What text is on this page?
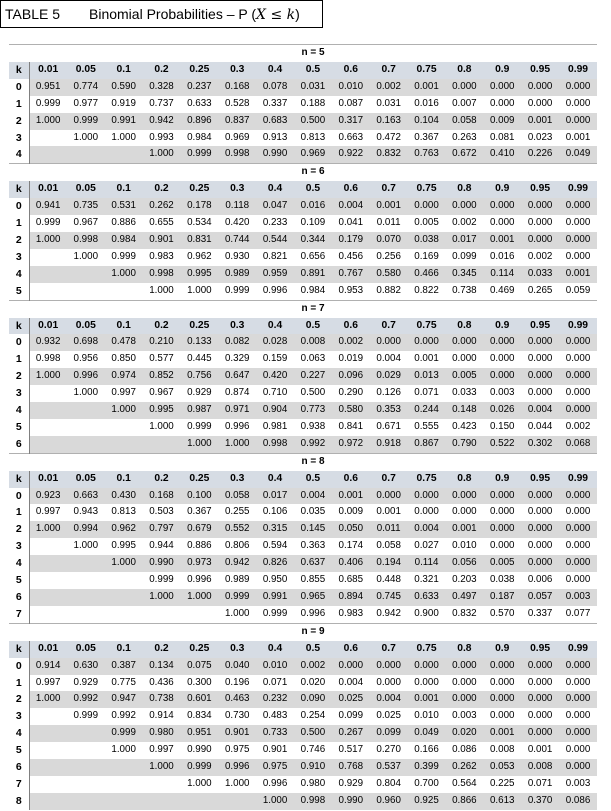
TABLE 5	Binomial Probabilities – P (X ≤ k)
	n = 5														
k	0.01	0.05	0.1	0.2	0.25	0.3	0.4	0.5	0.6	0.7	0.75	0.8	0.9	0.95	0.99
0	0.951	0.774	0.590	0.328	0.237	0.168	0.078	0.031	0.010	0.002	0.001	0.000	0.000	0.000	0.000
1	0.999	0.977	0.919	0.737	0.633	0.528	0.337	0.188	0.087	0.031	0.016	0.007	0.000	0.000	0.000
2	1.000	0.999	0.991	0.942	0.896	0.837	0.683	0.500	0.317	0.163	0.104	0.058	0.009	0.001	0.000
3		1.000	1.000	0.993	0.984	0.969	0.913	0.813	0.663	0.472	0.367	0.263	0.081	0.023	0.001
4				1.000	0.999	0.998	0.990	0.969	0.922	0.832	0.763	0.672	0.410	0.226	0.049
	n = 6														
k	0.01	0.05	0.1	0.2	0.25	0.3	0.4	0.5	0.6	0.7	0.75	0.8	0.9	0.95	0.99
0	0.941	0.735	0.531	0.262	0.178	0.118	0.047	0.016	0.004	0.001	0.000	0.000	0.000	0.000	0.000
1	0.999	0.967	0.886	0.655	0.534	0.420	0.233	0.109	0.041	0.011	0.005	0.002	0.000	0.000	0.000
2	1.000	0.998	0.984	0.901	0.831	0.744	0.544	0.344	0.179	0.070	0.038	0.017	0.001	0.000	0.000
3		1.000	0.999	0.983	0.962	0.930	0.821	0.656	0.456	0.256	0.169	0.099	0.016	0.002	0.000
4			1.000	0.998	0.995	0.989	0.959	0.891	0.767	0.580	0.466	0.345	0.114	0.033	0.001
5				1.000	1.000	0.999	0.996	0.984	0.953	0.882	0.822	0.738	0.469	0.265	0.059
	n = 7														
k	0.01	0.05	0.1	0.2	0.25	0.3	0.4	0.5	0.6	0.7	0.75	0.8	0.9	0.95	0.99
0	0.932	0.698	0.478	0.210	0.133	0.082	0.028	0.008	0.002	0.000	0.000	0.000	0.000	0.000	0.000
1	0.998	0.956	0.850	0.577	0.445	0.329	0.159	0.063	0.019	0.004	0.001	0.000	0.000	0.000	0.000
2	1.000	0.996	0.974	0.852	0.756	0.647	0.420	0.227	0.096	0.029	0.013	0.005	0.000	0.000	0.000
3		1.000	0.997	0.967	0.929	0.874	0.710	0.500	0.290	0.126	0.071	0.033	0.003	0.000	0.000
4			1.000	0.995	0.987	0.971	0.904	0.773	0.580	0.353	0.244	0.148	0.026	0.004	0.000
5				1.000	0.999	0.996	0.981	0.938	0.841	0.671	0.555	0.423	0.150	0.044	0.002
6					1.000	1.000	0.998	0.992	0.972	0.918	0.867	0.790	0.522	0.302	0.068
	n = 8														
k	0.01	0.05	0.1	0.2	0.25	0.3	0.4	0.5	0.6	0.7	0.75	0.8	0.9	0.95	0.99
0	0.923	0.663	0.430	0.168	0.100	0.058	0.017	0.004	0.001	0.000	0.000	0.000	0.000	0.000	0.000
1	0.997	0.943	0.813	0.503	0.367	0.255	0.106	0.035	0.009	0.001	0.000	0.000	0.000	0.000	0.000
2	1.000	0.994	0.962	0.797	0.679	0.552	0.315	0.145	0.050	0.011	0.004	0.001	0.000	0.000	0.000
3		1.000	0.995	0.944	0.886	0.806	0.594	0.363	0.174	0.058	0.027	0.010	0.000	0.000	0.000
4			1.000	0.990	0.973	0.942	0.826	0.637	0.406	0.194	0.114	0.056	0.005	0.000	0.000
5				0.999	0.996	0.989	0.950	0.855	0.685	0.448	0.321	0.203	0.038	0.006	0.000
6				1.000	1.000	0.999	0.991	0.965	0.894	0.745	0.633	0.497	0.187	0.057	0.003
7						1.000	0.999	0.996	0.983	0.942	0.900	0.832	0.570	0.337	0.077
	n = 9														
k	0.01	0.05	0.1	0.2	0.25	0.3	0.4	0.5	0.6	0.7	0.75	0.8	0.9	0.95	0.99
0	0.914	0.630	0.387	0.134	0.075	0.040	0.010	0.002	0.000	0.000	0.000	0.000	0.000	0.000	0.000
1	0.997	0.929	0.775	0.436	0.300	0.196	0.071	0.020	0.004	0.000	0.000	0.000	0.000	0.000	0.000
2	1.000	0.992	0.947	0.738	0.601	0.463	0.232	0.090	0.025	0.004	0.001	0.000	0.000	0.000	0.000
3		0.999	0.992	0.914	0.834	0.730	0.483	0.254	0.099	0.025	0.010	0.003	0.000	0.000	0.000
4			0.999	0.980	0.951	0.901	0.733	0.500	0.267	0.099	0.049	0.020	0.001	0.000	0.000
5			1.000	0.997	0.990	0.975	0.901	0.746	0.517	0.270	0.166	0.086	0.008	0.001	0.000
6				1.000	0.999	0.996	0.975	0.910	0.768	0.537	0.399	0.262	0.053	0.008	0.000
7					1.000	1.000	0.996	0.980	0.929	0.804	0.700	0.564	0.225	0.071	0.003
8							1.000	0.998	0.990	0.960	0.925	0.866	0.613	0.370	0.086
